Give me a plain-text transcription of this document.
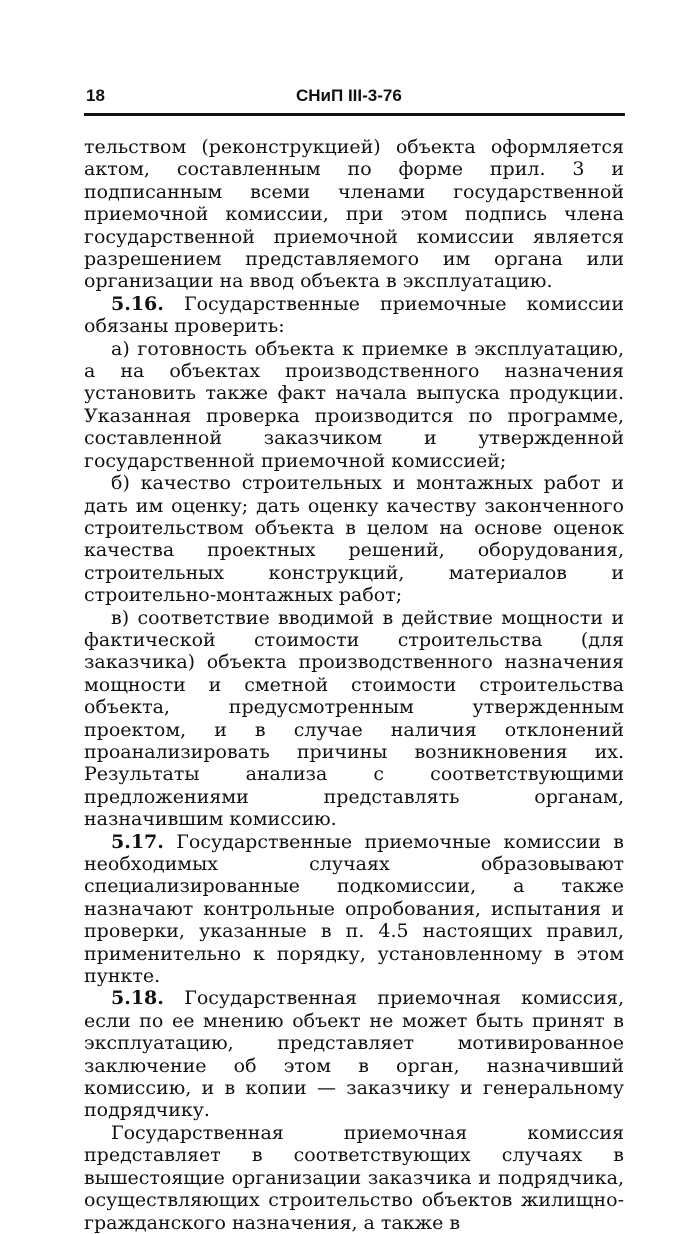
18	СНиП III-3-76

тельством (реконструкцией) объекта оформляется актом, составленным по форме прил. 3 и подписанным всеми членами государственной приемочной комиссии, при этом подпись члена государственной приемочной комиссии является разрешением представляемого им органа или организации на ввод объекта в эксплуатацию.

5.16. Государственные приемочные комиссии обязаны проверить:

а) готовность объекта к приемке в эксплуатацию, а на объектах производственного назначения установить также факт начала выпуска продукции. Указанная проверка производится по программе, составленной заказчиком и утвержденной государственной приемочной комиссией;

б) качество строительных и монтажных работ и дать им оценку; дать оценку качеству законченного строительством объекта в целом на основе оценок качества проектных решений, оборудования, строительных конструкций, материалов и строительно-монтажных работ;

в) соответствие вводимой в действие мощности и фактической стоимости строительства (для заказчика) объекта производственного назначения мощности и сметной стоимости строительства объекта, предусмотренным утвержденным проектом, и в случае наличия отклонений проанализировать причины возникновения их. Результаты анализа с соответствующими предложениями представлять органам, назначившим комиссию.

5.17. Государственные приемочные комиссии в необходимых случаях образовывают специализированные подкомиссии, а также назначают контрольные опробования, испытания и проверки, указанные в п. 4.5 настоящих правил, применительно к порядку, установленному в этом пункте.

5.18. Государственная приемочная комиссия, если по ее мнению объект не может быть принят в эксплуатацию, представляет мотивированное заключение об этом в орган, назначивший комиссию, и в копии — заказчику и генеральному подрядчику.

Государственная приемочная комиссия представляет в соответствующих случаях в вышестоящие организации заказчика и подрядчика, осуществляющих строительство объектов жилищно-гражданского назначения, а также в
